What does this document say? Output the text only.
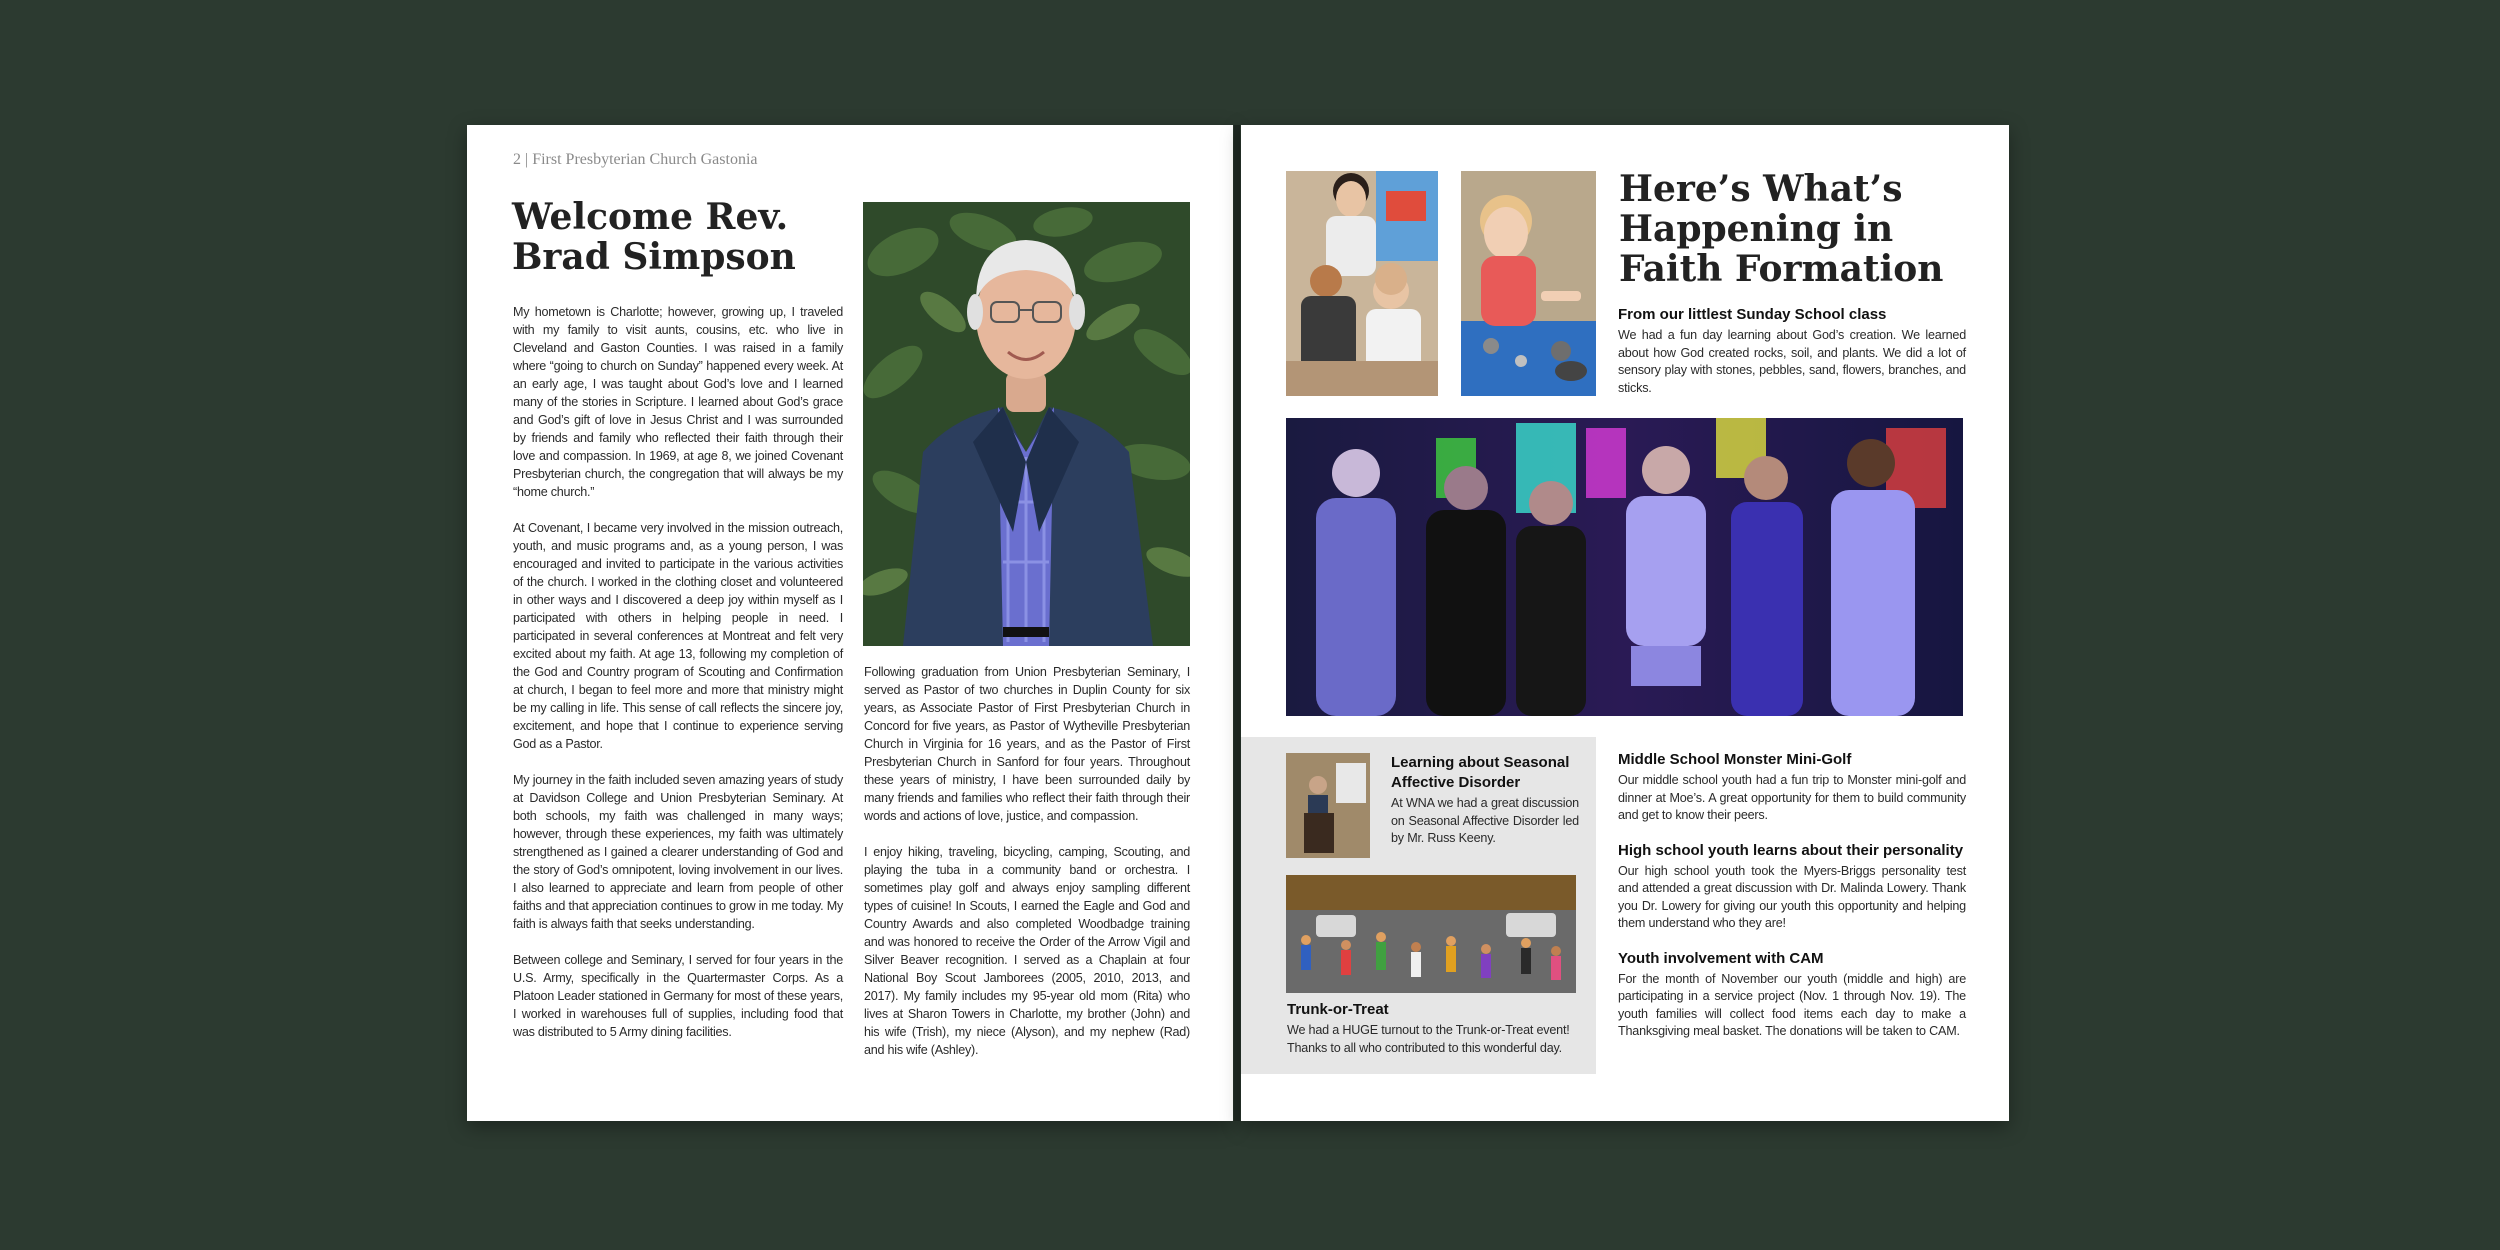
2 | First Presbyterian Church Gastonia
Welcome Rev.
Brad Simpson

My hometown is Charlotte; however, growing up, I traveled with my family to visit aunts, cousins, etc. who live in Cleveland and Gaston Counties. I was raised in a family where “going to church on Sunday” happened every week. At an early age, I was taught about God’s love and I learned many of the stories in Scripture. I learned about God’s grace and God’s gift of love in Jesus Christ and I was surrounded by friends and family who reflected their faith through their love and compassion. In 1969, at age 8, we joined Covenant Presbyterian church, the congregation that will always be my “home church.”

At Covenant, I became very involved in the mission outreach, youth, and music programs and, as a young person, I was encouraged and invited to participate in the various activities of the church. I worked in the clothing closet and volunteered in other ways and I discovered a deep joy within myself as I participated with others in helping people in need. I participated in several conferences at Montreat and felt very excited about my faith. At age 13, following my completion of the God and Country program of Scouting and Confirmation at church, I began to feel more and more that ministry might be my calling in life. This sense of call reflects the sincere joy, excitement, and hope that I continue to experience serving God as a Pastor.

My journey in the faith included seven amazing years of study at Davidson College and Union Presbyterian Seminary. At both schools, my faith was challenged in many ways; however, through these experiences, my faith was ultimately strengthened as I gained a clearer understanding of God and the story of God’s omnipotent, loving involvement in our lives. I also learned to appreciate and learn from people of other faiths and that appreciation continues to grow in me today. My faith is always faith that seeks understanding.

Between college and Seminary, I served for four years in the U.S. Army, specifically in the Quartermaster Corps. As a Platoon Leader stationed in Germany for most of these years, I worked in warehouses full of supplies, including food that was distributed to 5 Army dining facilities.

Following graduation from Union Presbyterian Seminary, I served as Pastor of two churches in Duplin County for six years, as Associate Pastor of First Presbyterian Church in Concord for five years, as Pastor of Wytheville Presbyterian Church in Virginia for 16 years, and as the Pastor of First Presbyterian Church in Sanford for four years. Throughout these years of ministry, I have been surrounded daily by many friends and families who reflect their faith through their words and actions of love, justice, and compassion.

I enjoy hiking, traveling, bicycling, camping, Scouting, and playing the tuba in a community band or orchestra. I sometimes play golf and always enjoy sampling different types of cuisine! In Scouts, I earned the Eagle and God and Country Awards and also completed Woodbadge training and was honored to receive the Order of the Arrow Vigil and Silver Beaver recognition. I served as a Chaplain at four National Boy Scout Jamborees (2005, 2010, 2013, and 2017). My family includes my 95-year old mom (Rita) who lives at Sharon Towers in Charlotte, my brother (John) and his wife (Trish), my niece (Alyson), and my nephew (Rad) and his wife (Ashley).

Here’s What’s
Happening in
Faith Formation
From our littlest Sunday School class

We had a fun day learning about God’s creation. We learned about how God created rocks, soil, and plants. We did a lot of sensory play with stones, pebbles, sand, flowers, branches, and sticks.

Learning about Seasonal Affective Disorder

At WNA we had a great discussion on Seasonal Affective Disorder led by Mr. Russ Keeny.

Trunk-or-Treat

We had a HUGE turnout to the Trunk-or-Treat event! Thanks to all who contributed to this wonderful day.

Middle School Monster Mini-Golf

Our middle school youth had a fun trip to Monster mini-golf and dinner at Moe’s. A great opportunity for them to build community and get to know their peers.

High school youth learns about their personality

Our high school youth took the Myers-Briggs personality test and attended a great discussion with Dr. Malinda Lowery. Thank you Dr. Lowery for giving our youth this opportunity and helping them understand who they are!

Youth involvement with CAM

For the month of November our youth (middle and high) are participating in a service project (Nov. 1 through Nov. 19). The youth families will collect food items each day to make a Thanksgiving meal basket. The donations will be taken to CAM.
